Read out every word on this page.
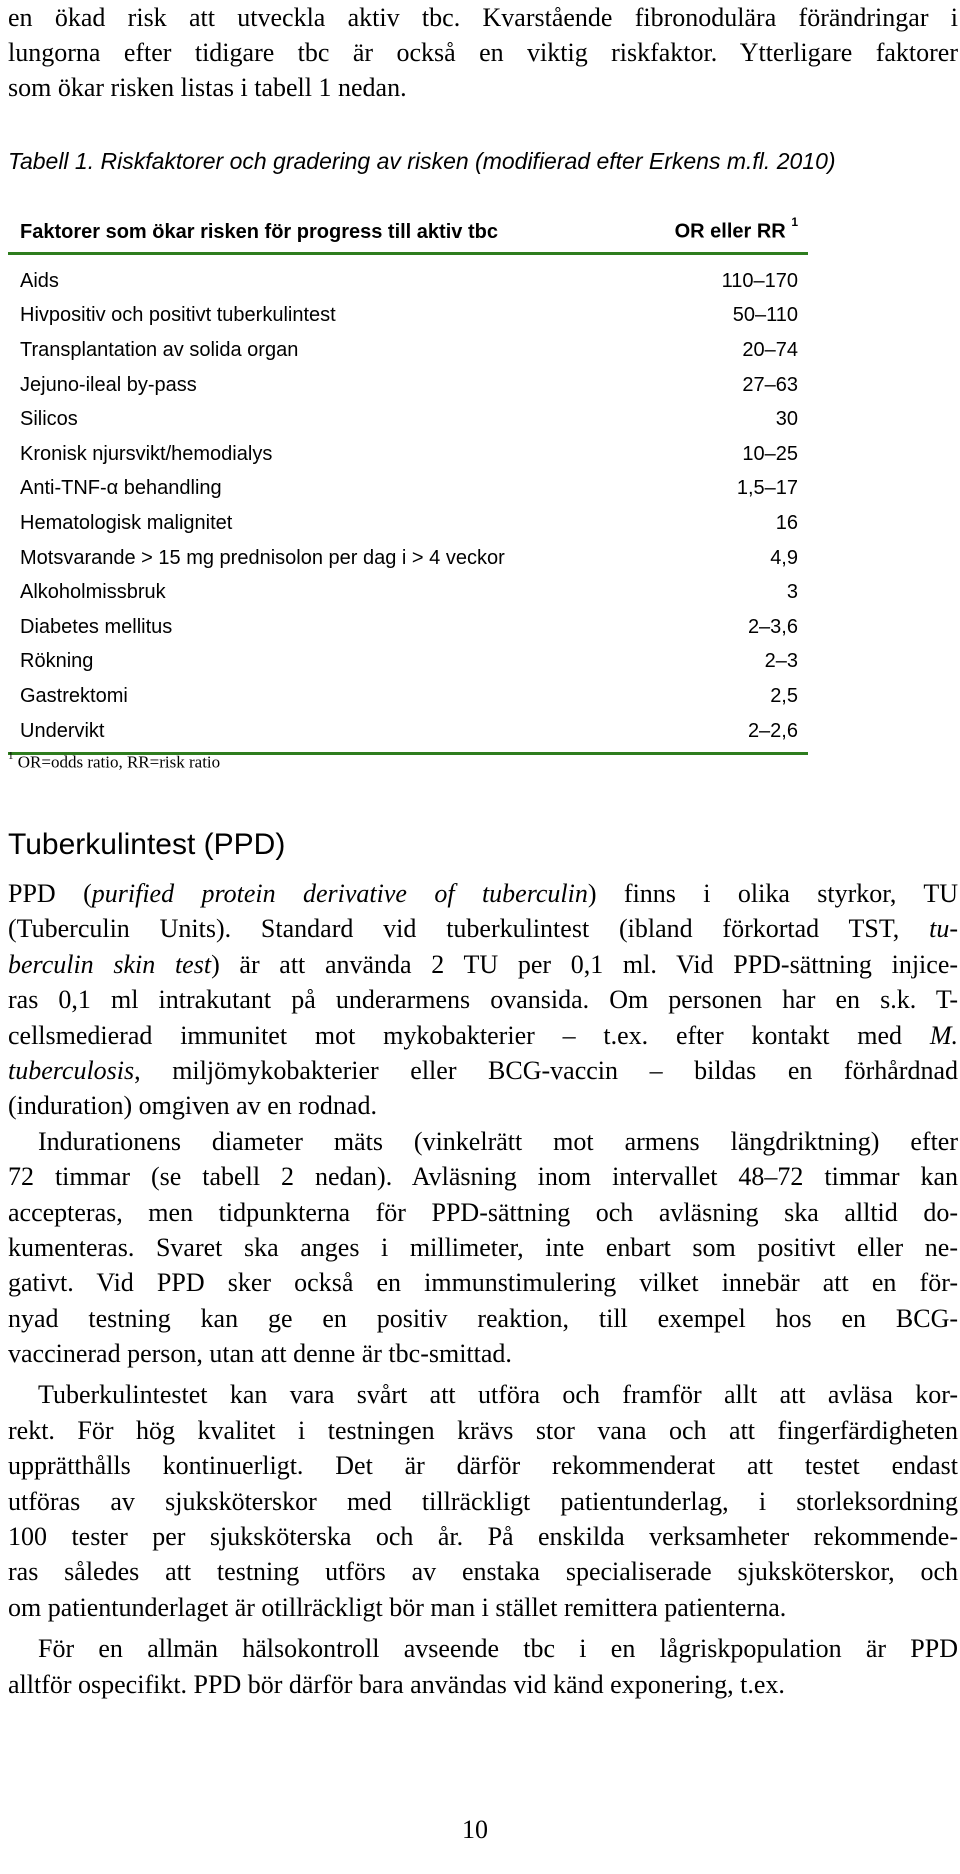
en ökad risk att utveckla aktiv tbc. Kvarstående fibronodulära förändringar i
lungorna efter tidigare tbc är också en viktig riskfaktor. Ytterligare faktorer
som ökar risken listas i tabell 1 nedan.
Tabell 1. Riskfaktorer och gradering av risken (modifierad efter Erkens m.fl. 2010)
Faktorer som ökar risken för progress till aktiv tbc	OR eller RR $^1$
Aids	110–170
Hivpositiv och positivt tuberkulintest	50–110
Transplantation av solida organ	20–74
Jejuno-ileal by-pass	27–63
Silicos	30
Kronisk njursvikt/hemodialys	10–25
Anti-TNF-α behandling	1,5–17
Hematologisk malignitet	16
Motsvarande > 15 mg prednisolon per dag i > 4 veckor	4,9
Alkoholmissbruk	3
Diabetes mellitus	2–3,6
Rökning	2–3
Gastrektomi	2,5
Undervikt	2–2,6
$^1$ OR=odds ratio, RR=risk ratio
Tuberkulintest (PPD)
PPD (purified protein derivative of tuberculin) finns i olika styrkor, TU
(Tuberculin Units). Standard vid tuberkulintest (ibland förkortad TST, tu-
berculin skin test) är att använda 2 TU per 0,1 ml. Vid PPD-sättning injice-
ras 0,1 ml intrakutant på underarmens ovansida. Om personen har en s.k. T-
cellsmedierad immunitet mot mykobakterier – t.ex. efter kontakt med M.
tuberculosis, miljömykobakterier eller BCG-vaccin – bildas en förhårdnad
(induration) omgiven av en rodnad.
Indurationens diameter mäts (vinkelrätt mot armens längdriktning) efter
72 timmar (se tabell 2 nedan). Avläsning inom intervallet 48–72 timmar kan
accepteras, men tidpunkterna för PPD-sättning och avläsning ska alltid do-
kumenteras. Svaret ska anges i millimeter, inte enbart som positivt eller ne-
gativt. Vid PPD sker också en immunstimulering vilket innebär att en för-
nyad testning kan ge en positiv reaktion, till exempel hos en BCG-
vaccinerad person, utan att denne är tbc-smittad.
Tuberkulintestet kan vara svårt att utföra och framför allt att avläsa kor-
rekt. För hög kvalitet i testningen krävs stor vana och att fingerfärdigheten
upprätthålls kontinuerligt. Det är därför rekommenderat att testet endast
utföras av sjuksköterskor med tillräckligt patientunderlag, i storleksordning
100 tester per sjuksköterska och år. På enskilda verksamheter rekommende-
ras således att testning utförs av enstaka specialiserade sjuksköterskor, och
om patientunderlaget är otillräckligt bör man i stället remittera patienterna.
För en allmän hälsokontroll avseende tbc i en lågriskpopulation är PPD
alltför ospecifikt. PPD bör därför bara användas vid känd exponering, t.ex.
10
